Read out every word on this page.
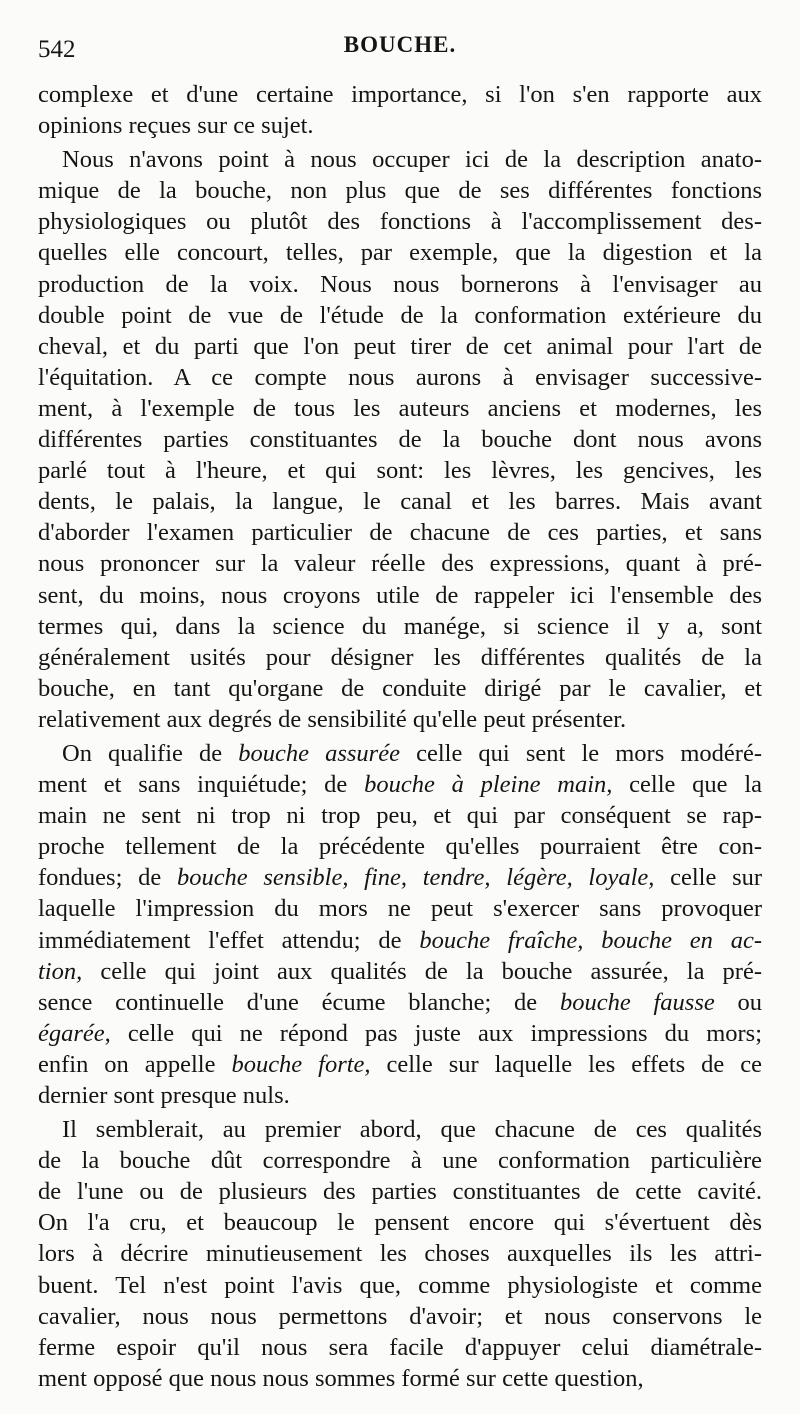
542	BOUCHE.
complexe et d'une certaine importance, si l'on s'en rapporte aux
opinions reçues sur ce sujet.
Nous n'avons point à nous occuper ici de la description anato-
mique de la bouche, non plus que de ses différentes fonctions
physiologiques ou plutôt des fonctions à l'accomplissement des-
quelles elle concourt, telles, par exemple, que la digestion et la
production de la voix. Nous nous bornerons à l'envisager au
double point de vue de l'étude de la conformation extérieure du
cheval, et du parti que l'on peut tirer de cet animal pour l'art de
l'équitation. A ce compte nous aurons à envisager successive-
ment, à l'exemple de tous les auteurs anciens et modernes, les
différentes parties constituantes de la bouche dont nous avons
parlé tout à l'heure, et qui sont: les lèvres, les gencives, les
dents, le palais, la langue, le canal et les barres. Mais avant
d'aborder l'examen particulier de chacune de ces parties, et sans
nous prononcer sur la valeur réelle des expressions, quant à pré-
sent, du moins, nous croyons utile de rappeler ici l'ensemble des
termes qui, dans la science du manége, si science il y a, sont
généralement usités pour désigner les différentes qualités de la
bouche, en tant qu'organe de conduite dirigé par le cavalier, et
relativement aux degrés de sensibilité qu'elle peut présenter.
On qualifie de bouche assurée celle qui sent le mors modéré-
ment et sans inquiétude; de bouche à pleine main, celle que la
main ne sent ni trop ni trop peu, et qui par conséquent se rap-
proche tellement de la précédente qu'elles pourraient être con-
fondues; de bouche sensible, fine, tendre, légère, loyale, celle sur
laquelle l'impression du mors ne peut s'exercer sans provoquer
immédiatement l'effet attendu; de bouche fraîche, bouche en ac-
tion, celle qui joint aux qualités de la bouche assurée, la pré-
sence continuelle d'une écume blanche; de bouche fausse ou
égarée, celle qui ne répond pas juste aux impressions du mors;
enfin on appelle bouche forte, celle sur laquelle les effets de ce
dernier sont presque nuls.
Il semblerait, au premier abord, que chacune de ces qualités
de la bouche dût correspondre à une conformation particulière
de l'une ou de plusieurs des parties constituantes de cette cavité.
On l'a cru, et beaucoup le pensent encore qui s'évertuent dès
lors à décrire minutieusement les choses auxquelles ils les attri-
buent. Tel n'est point l'avis que, comme physiologiste et comme
cavalier, nous nous permettons d'avoir; et nous conservons le
ferme espoir qu'il nous sera facile d'appuyer celui diamétrale-
ment opposé que nous nous sommes formé sur cette question,
